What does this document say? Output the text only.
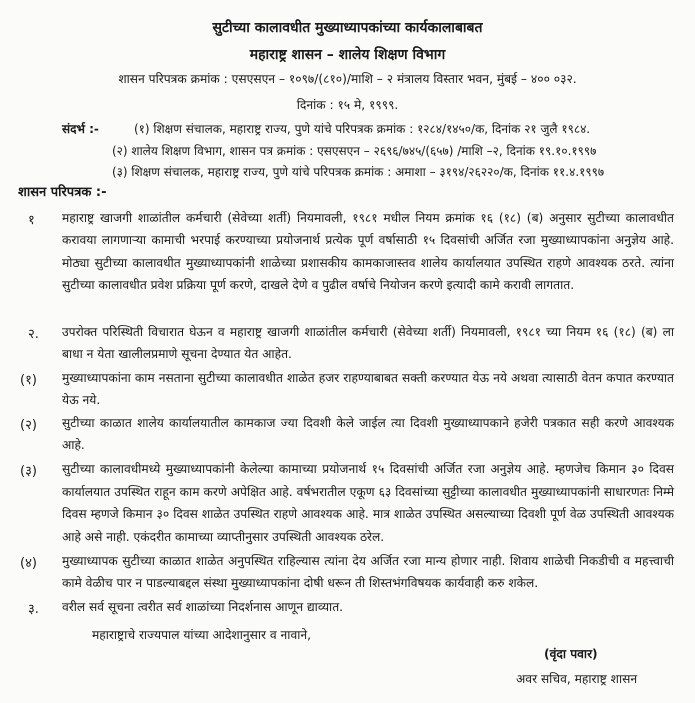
सुटीच्या कालावधीत मुख्याध्यापकांच्या कार्यकालाबाबत
महाराष्ट्र शासन – शालेय शिक्षण विभाग
शासन परिपत्रक क्रमांक : एसएसएन – १०९७/(८१०)/माशि – २ मंत्रालय विस्तार भवन, मुंबई – ४०० ०३२.
दिनांक : १५ मे, १९९९.
संदर्भ :-	(१) शिक्षण संचालक, महाराष्ट्र राज्य, पुणे यांचे परिपत्रक क्रमांक : १२८४/१४५०/क, दिनांक २१ जुलै १९८४.
(२) शालेय शिक्षण विभाग, शासन पत्र क्रमांक : एसएसएन – २६९६/७४५/(६५७) /माशि –२, दिनांक १९.१०.१९९७
(३) शिक्षण संचालक, महाराष्ट्र राज्य, पुणे यांचे परिपत्रक क्रमांक : अमाशा – ३१९४/२६२२०/क, दिनांक ११.४.१९९७
शासन परिपत्रक :-
१ महाराष्ट्र खाजगी शाळांतील कर्मचारी (सेवेच्या शर्ती) नियमावली, १९८१ मधील नियम क्रमांक १६ (१८) (ब) अनुसार सुटीच्या कालावधीत करावया लागणाऱ्या कामाची भरपाई करण्याच्या प्रयोजनार्थ प्रत्येक पूर्ण वर्षासाठी १५ दिवसांची अर्जित रजा मुख्याध्यापकांना अनुज्ञेय आहे. मोठ्या सुटीच्या कालावधीत मुख्याध्यापकांनी शाळेच्या प्रशासकीय कामकाजास्तव शालेय कार्यालयात उपस्थित राहणे आवश्यक ठरते. त्यांना सुटीच्या कालावधीत प्रवेश प्रक्रिया पूर्ण करणे, दाखले देणे व पुढील वर्षाचे नियोजन करणे इत्यादी कामे करावी लागतात.
२. उपरोक्त परिस्थिती विचारात घेऊन व महाराष्ट्र खाजगी शाळांतील कर्मचारी (सेवेच्या शर्ती) नियमावली, १९८१ च्या नियम १६ (१८) (ब) ला बाधा न येता खालीलप्रमाणे सूचना देण्यात येत आहेत.
(१) मुख्याध्यापकांना काम नसताना सुटीच्या कालावधीत शाळेत हजर राहण्याबाबत सक्ती करण्यात येऊ नये अथवा त्यासाठी वेतन कपात करण्यात येऊ नये.
(२) सुटीच्या काळात शालेय कार्यालयातील कामकाज ज्या दिवशी केले जाईल त्या दिवशी मुख्याध्यापकाने हजेरी पत्रकात सही करणे आवश्यक आहे.
(३) सुटीच्या कालावधीमध्ये मुख्याध्यापकांनी केलेल्या कामाच्या प्रयोजनार्थ १५ दिवसांची अर्जित रजा अनुज्ञेय आहे. म्हणजेच किमान ३० दिवस कार्यालयात उपस्थित राहून काम करणे अपेक्षित आहे. वर्षभरातील एकूण ६३ दिवसांच्या सुट्टीच्या कालावधीत मुख्याध्यापकांनी साधारणतः निम्मे दिवस म्हणजे किमान ३० दिवस शाळेत उपस्थित राहणे आवश्यक आहे. मात्र शाळेत उपस्थित असल्याच्या दिवशी पूर्ण वेळ उपस्थिती आवश्यक आहे असे नाही. एकंदरीत कामाच्या व्याप्तीनुसार उपस्थिती आवश्यक ठरेल.
(४) मुख्याध्यापक सुटीच्या काळात शाळेत अनुपस्थित राहिल्यास त्यांना देय अर्जित रजा मान्य होणार नाही. शिवाय शाळेची निकडीची व महत्त्वाची कामे वेळीच पार न पाडल्याबद्दल संस्था मुख्याध्यापकांना दोषी धरून ती शिस्तभंगविषयक कार्यवाही करु शकेल.
३. वरील सर्व सूचना त्वरीत सर्व शाळांच्या निदर्शनास आणून द्याव्यात.
महाराष्ट्राचे राज्यपाल यांच्या आदेशानुसार व नावाने,
(वृंदा पवार)
अवर सचिव, महाराष्ट्र शासन
